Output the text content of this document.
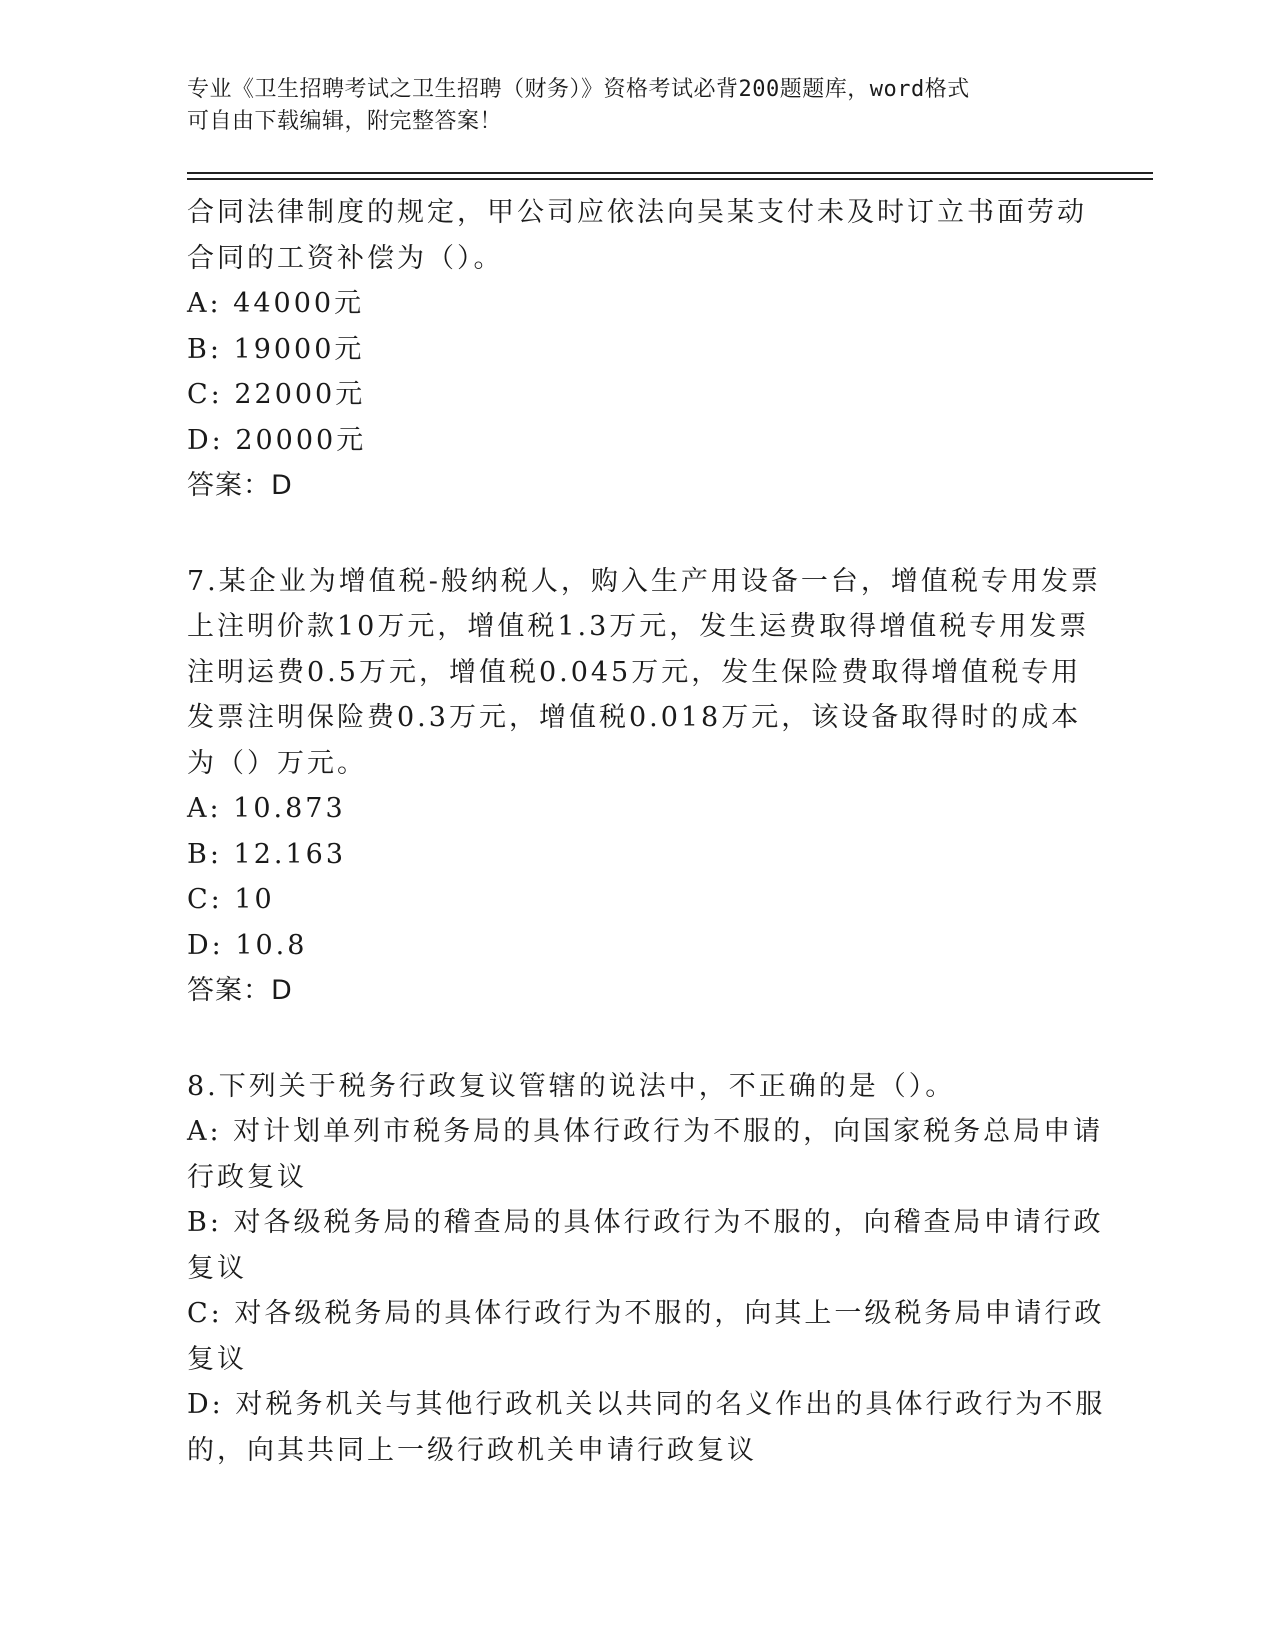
专业《卫生招聘考试之卫生招聘（财务）》资格考试必背200题题库，word格式
可自由下载编辑，附完整答案！
合同法律制度的规定，甲公司应依法向吴某支付未及时订立书面劳动
合同的工资补偿为（）。
A: 44000元
B: 19000元
C: 22000元
D: 20000元
答案：D
7.某企业为增值税-般纳税人，购入生产用设备一台，增值税专用发票
上注明价款10万元，增值税1.3万元，发生运费取得增值税专用发票
注明运费0.5万元，增值税0.045万元，发生保险费取得增值税专用
发票注明保险费0.3万元，增值税0.018万元，该设备取得时的成本
为（）万元。
A: 10.873
B: 12.163
C: 10
D: 10.8
答案：D
8.下列关于税务行政复议管辖的说法中，不正确的是（）。
A: 对计划单列市税务局的具体行政行为不服的，向国家税务总局申请
行政复议
B: 对各级税务局的稽查局的具体行政行为不服的，向稽查局申请行政
复议
C: 对各级税务局的具体行政行为不服的，向其上一级税务局申请行政
复议
D: 对税务机关与其他行政机关以共同的名义作出的具体行政行为不服
的，向其共同上一级行政机关申请行政复议
